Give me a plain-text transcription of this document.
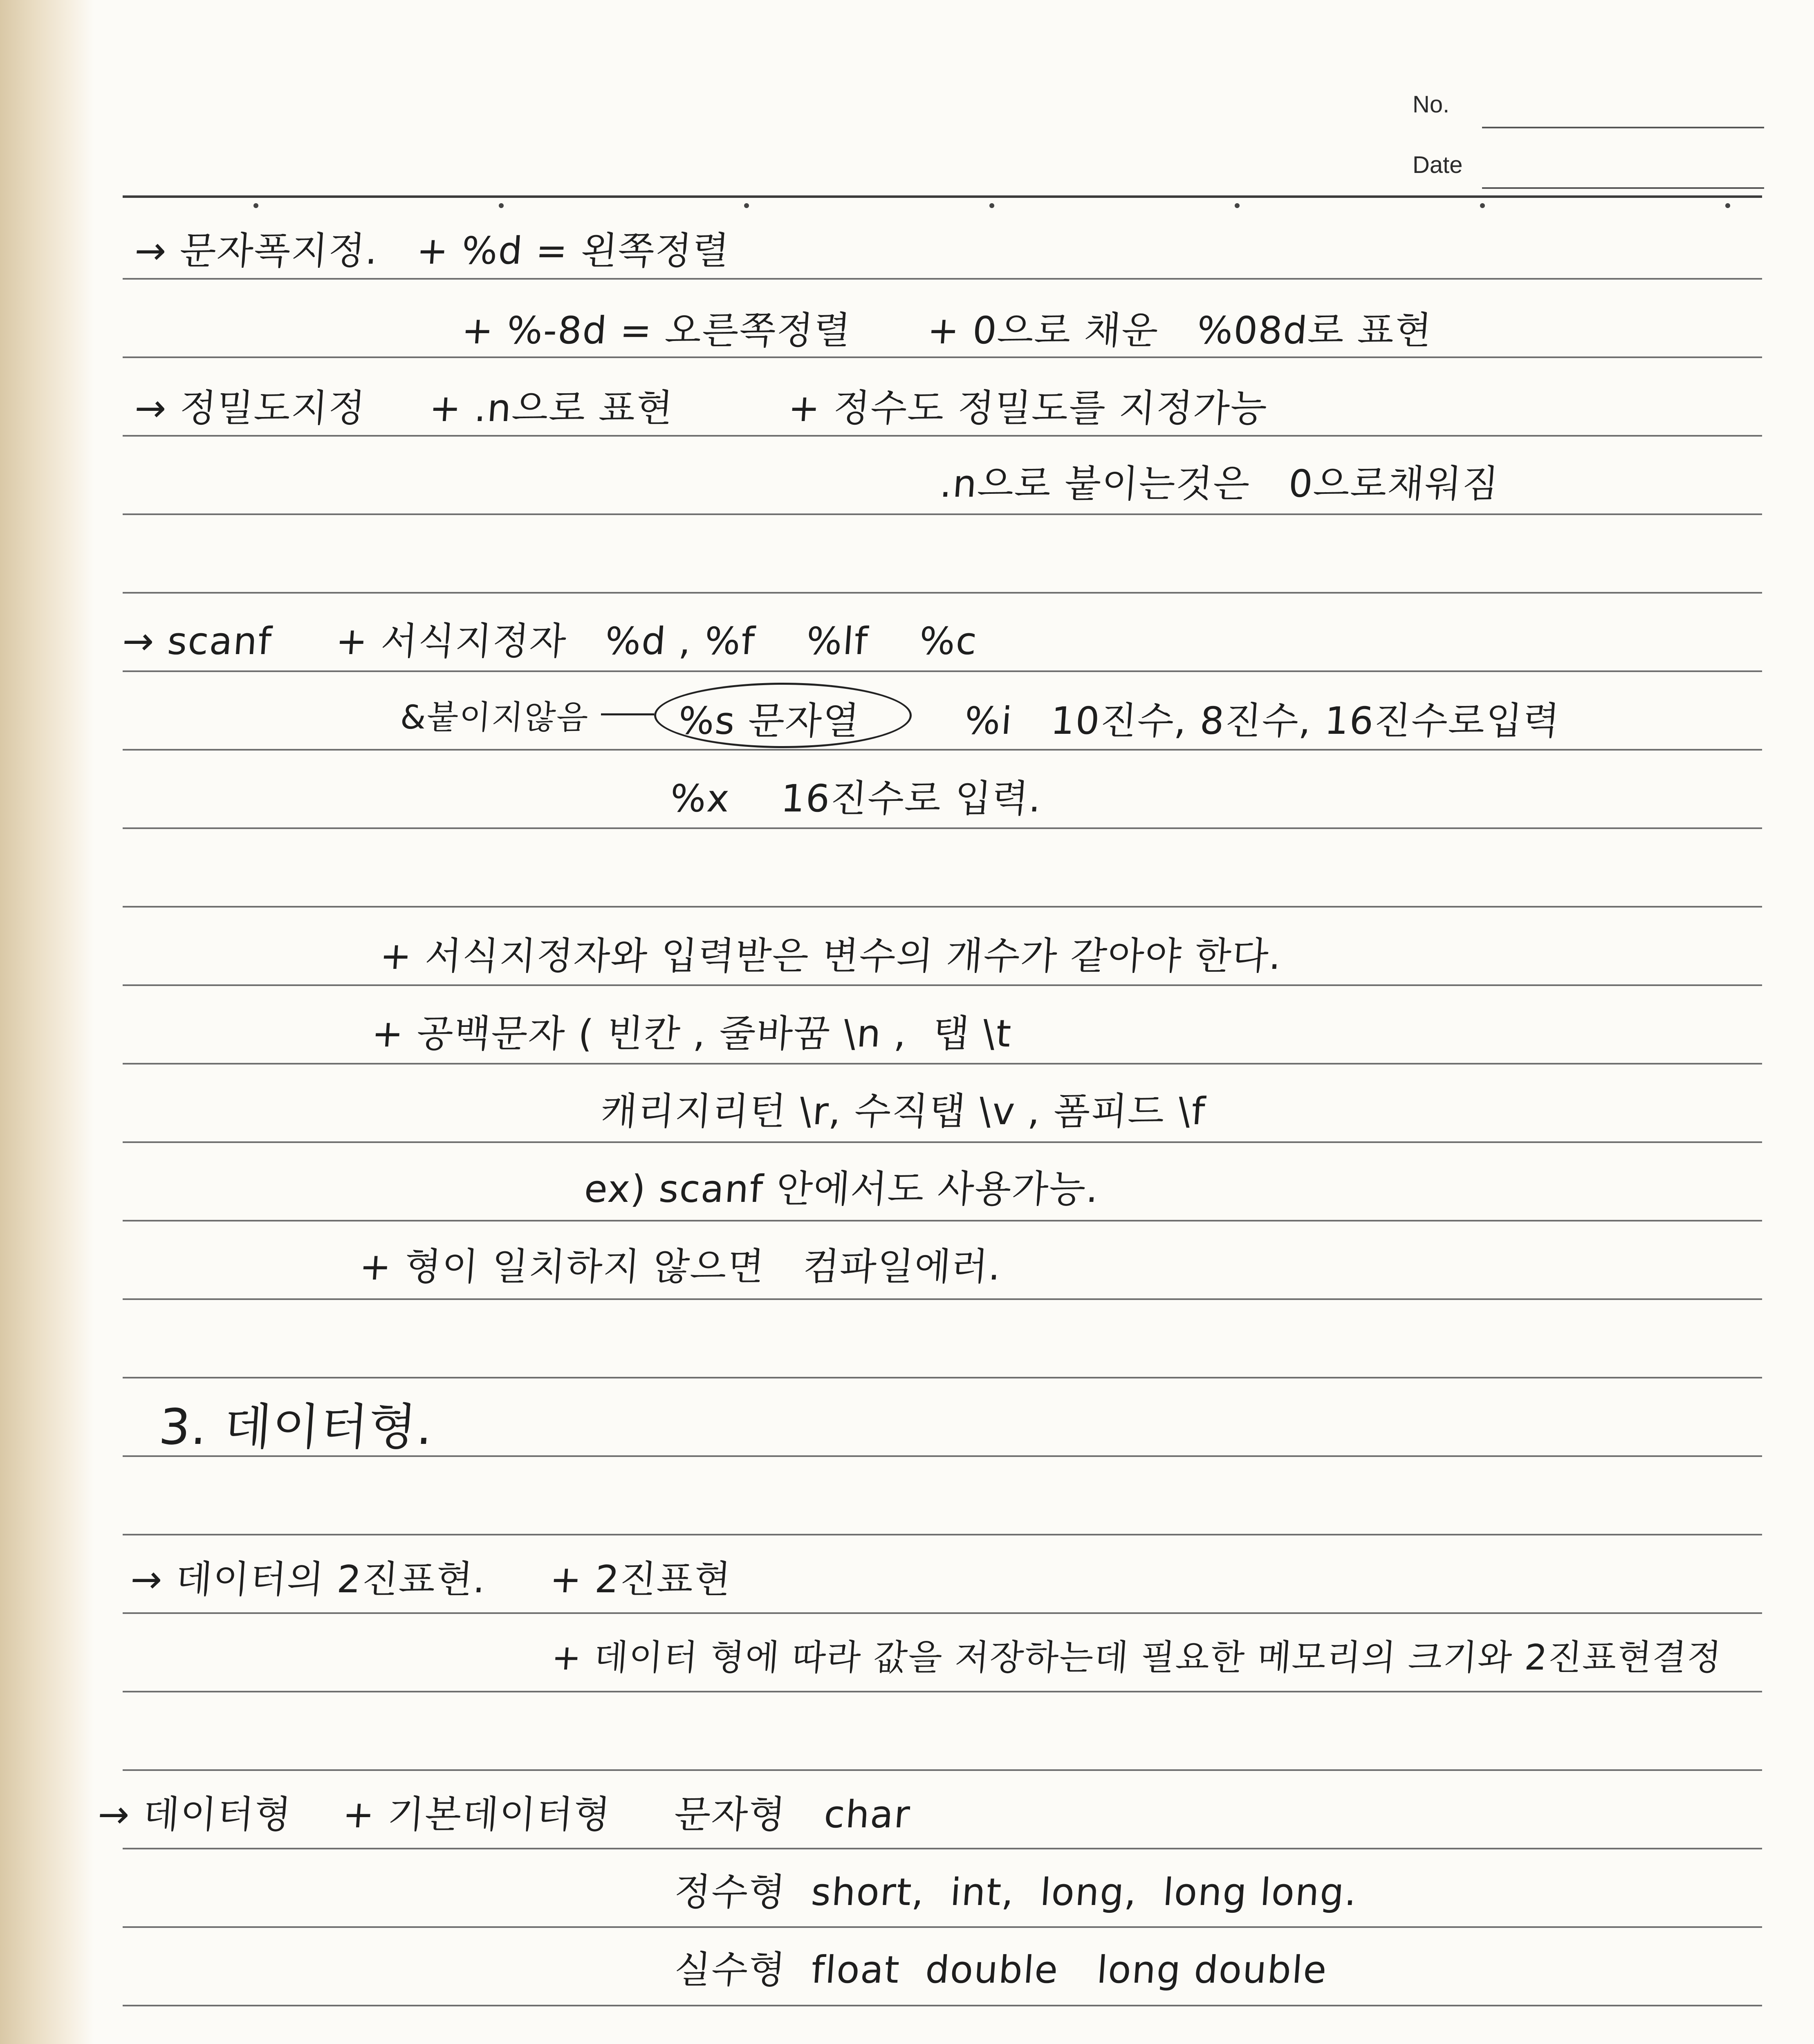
No.
Date
→ 문자폭지정.   + %d = 왼쪽정렬
+ %-8d = 오른쪽정렬      + 0으로 채운   %08d로 표현
→ 정밀도지정     + .n으로 표현         + 정수도 정밀도를 지정가능
.n으로 붙이는것은   0으로채워짐
→ scanf     + 서식지정자   %d , %f    %lf    %c
&붙이지않음 %s 문자열	%i   10진수, 8진수, 16진수로입력
%x    16진수로 입력.
+ 서식지정자와 입력받은 변수의 개수가 같아야 한다.
+ 공백문자 ( 빈칸 , 줄바꿈 \n ,  탭 \t
캐리지리턴 \r, 수직탭 \v , 폼피드 \f
ex) scanf 안에서도 사용가능.
+ 형이 일치하지 않으면   컴파일에러.
3. 데이터형.
→ 데이터의 2진표현.     + 2진표현
+ 데이터 형에 따라 값을 저장하는데 필요한 메모리의 크기와 2진표현결정
→ 데이터형    + 기본데이터형 문자형   char
정수형  short,  int,  long,  long long.
실수형  float  double   long double
